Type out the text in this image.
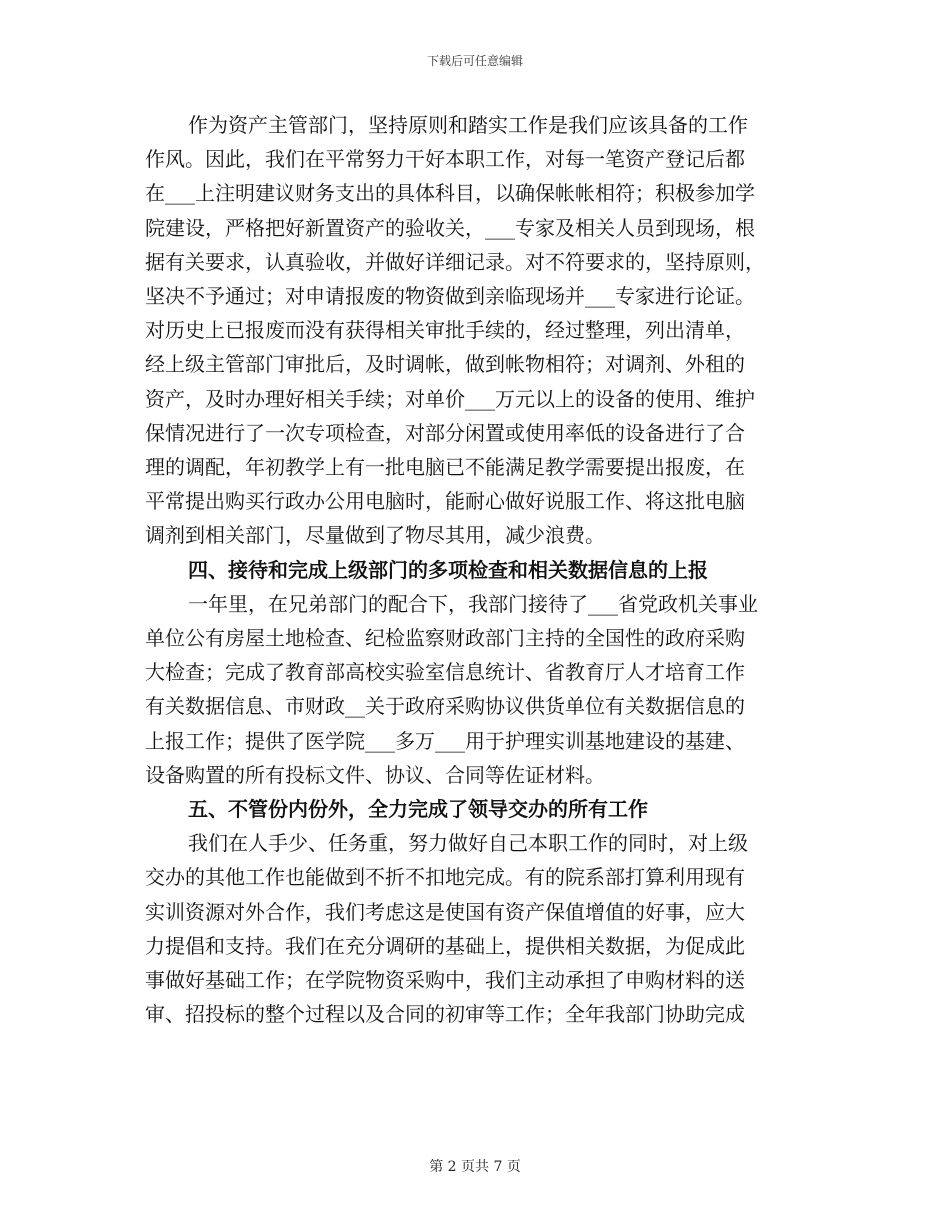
下载后可任意编辑
作为资产主管部门，坚持原则和踏实工作是我们应该具备的工作
作风。因此，我们在平常努力干好本职工作，对每一笔资产登记后都
在___上注明建议财务支出的具体科目，以确保帐帐相符；积极参加学
院建设，严格把好新置资产的验收关，___专家及相关人员到现场，根
据有关要求，认真验收，并做好详细记录。对不符要求的，坚持原则，
坚决不予通过；对申请报废的物资做到亲临现场并___专家进行论证。
对历史上已报废而没有获得相关审批手续的，经过整理，列出清单，
经上级主管部门审批后，及时调帐，做到帐物相符；对调剂、外租的
资产，及时办理好相关手续；对单价___万元以上的设备的使用、维护
保情况进行了一次专项检查，对部分闲置或使用率低的设备进行了合
理的调配，年初教学上有一批电脑已不能满足教学需要提出报废，在
平常提出购买行政办公用电脑时，能耐心做好说服工作、将这批电脑
调剂到相关部门，尽量做到了物尽其用，减少浪费。
四、接待和完成上级部门的多项检查和相关数据信息的上报
一年里，在兄弟部门的配合下，我部门接待了___省党政机关事业
单位公有房屋土地检查、纪检监察财政部门主持的全国性的政府采购
大检查；完成了教育部高校实验室信息统计、省教育厅人才培育工作
有关数据信息、市财政__关于政府采购协议供货单位有关数据信息的
上报工作；提供了医学院___多万___用于护理实训基地建设的基建、
设备购置的所有投标文件、协议、合同等佐证材料。
五、不管份内份外，全力完成了领导交办的所有工作
我们在人手少、任务重，努力做好自己本职工作的同时，对上级
交办的其他工作也能做到不折不扣地完成。有的院系部打算利用现有
实训资源对外合作，我们考虑这是使国有资产保值增值的好事，应大
力提倡和支持。我们在充分调研的基础上，提供相关数据，为促成此
事做好基础工作；在学院物资采购中，我们主动承担了申购材料的送
审、招投标的整个过程以及合同的初审等工作；全年我部门协助完成
第 2 页共 7 页
